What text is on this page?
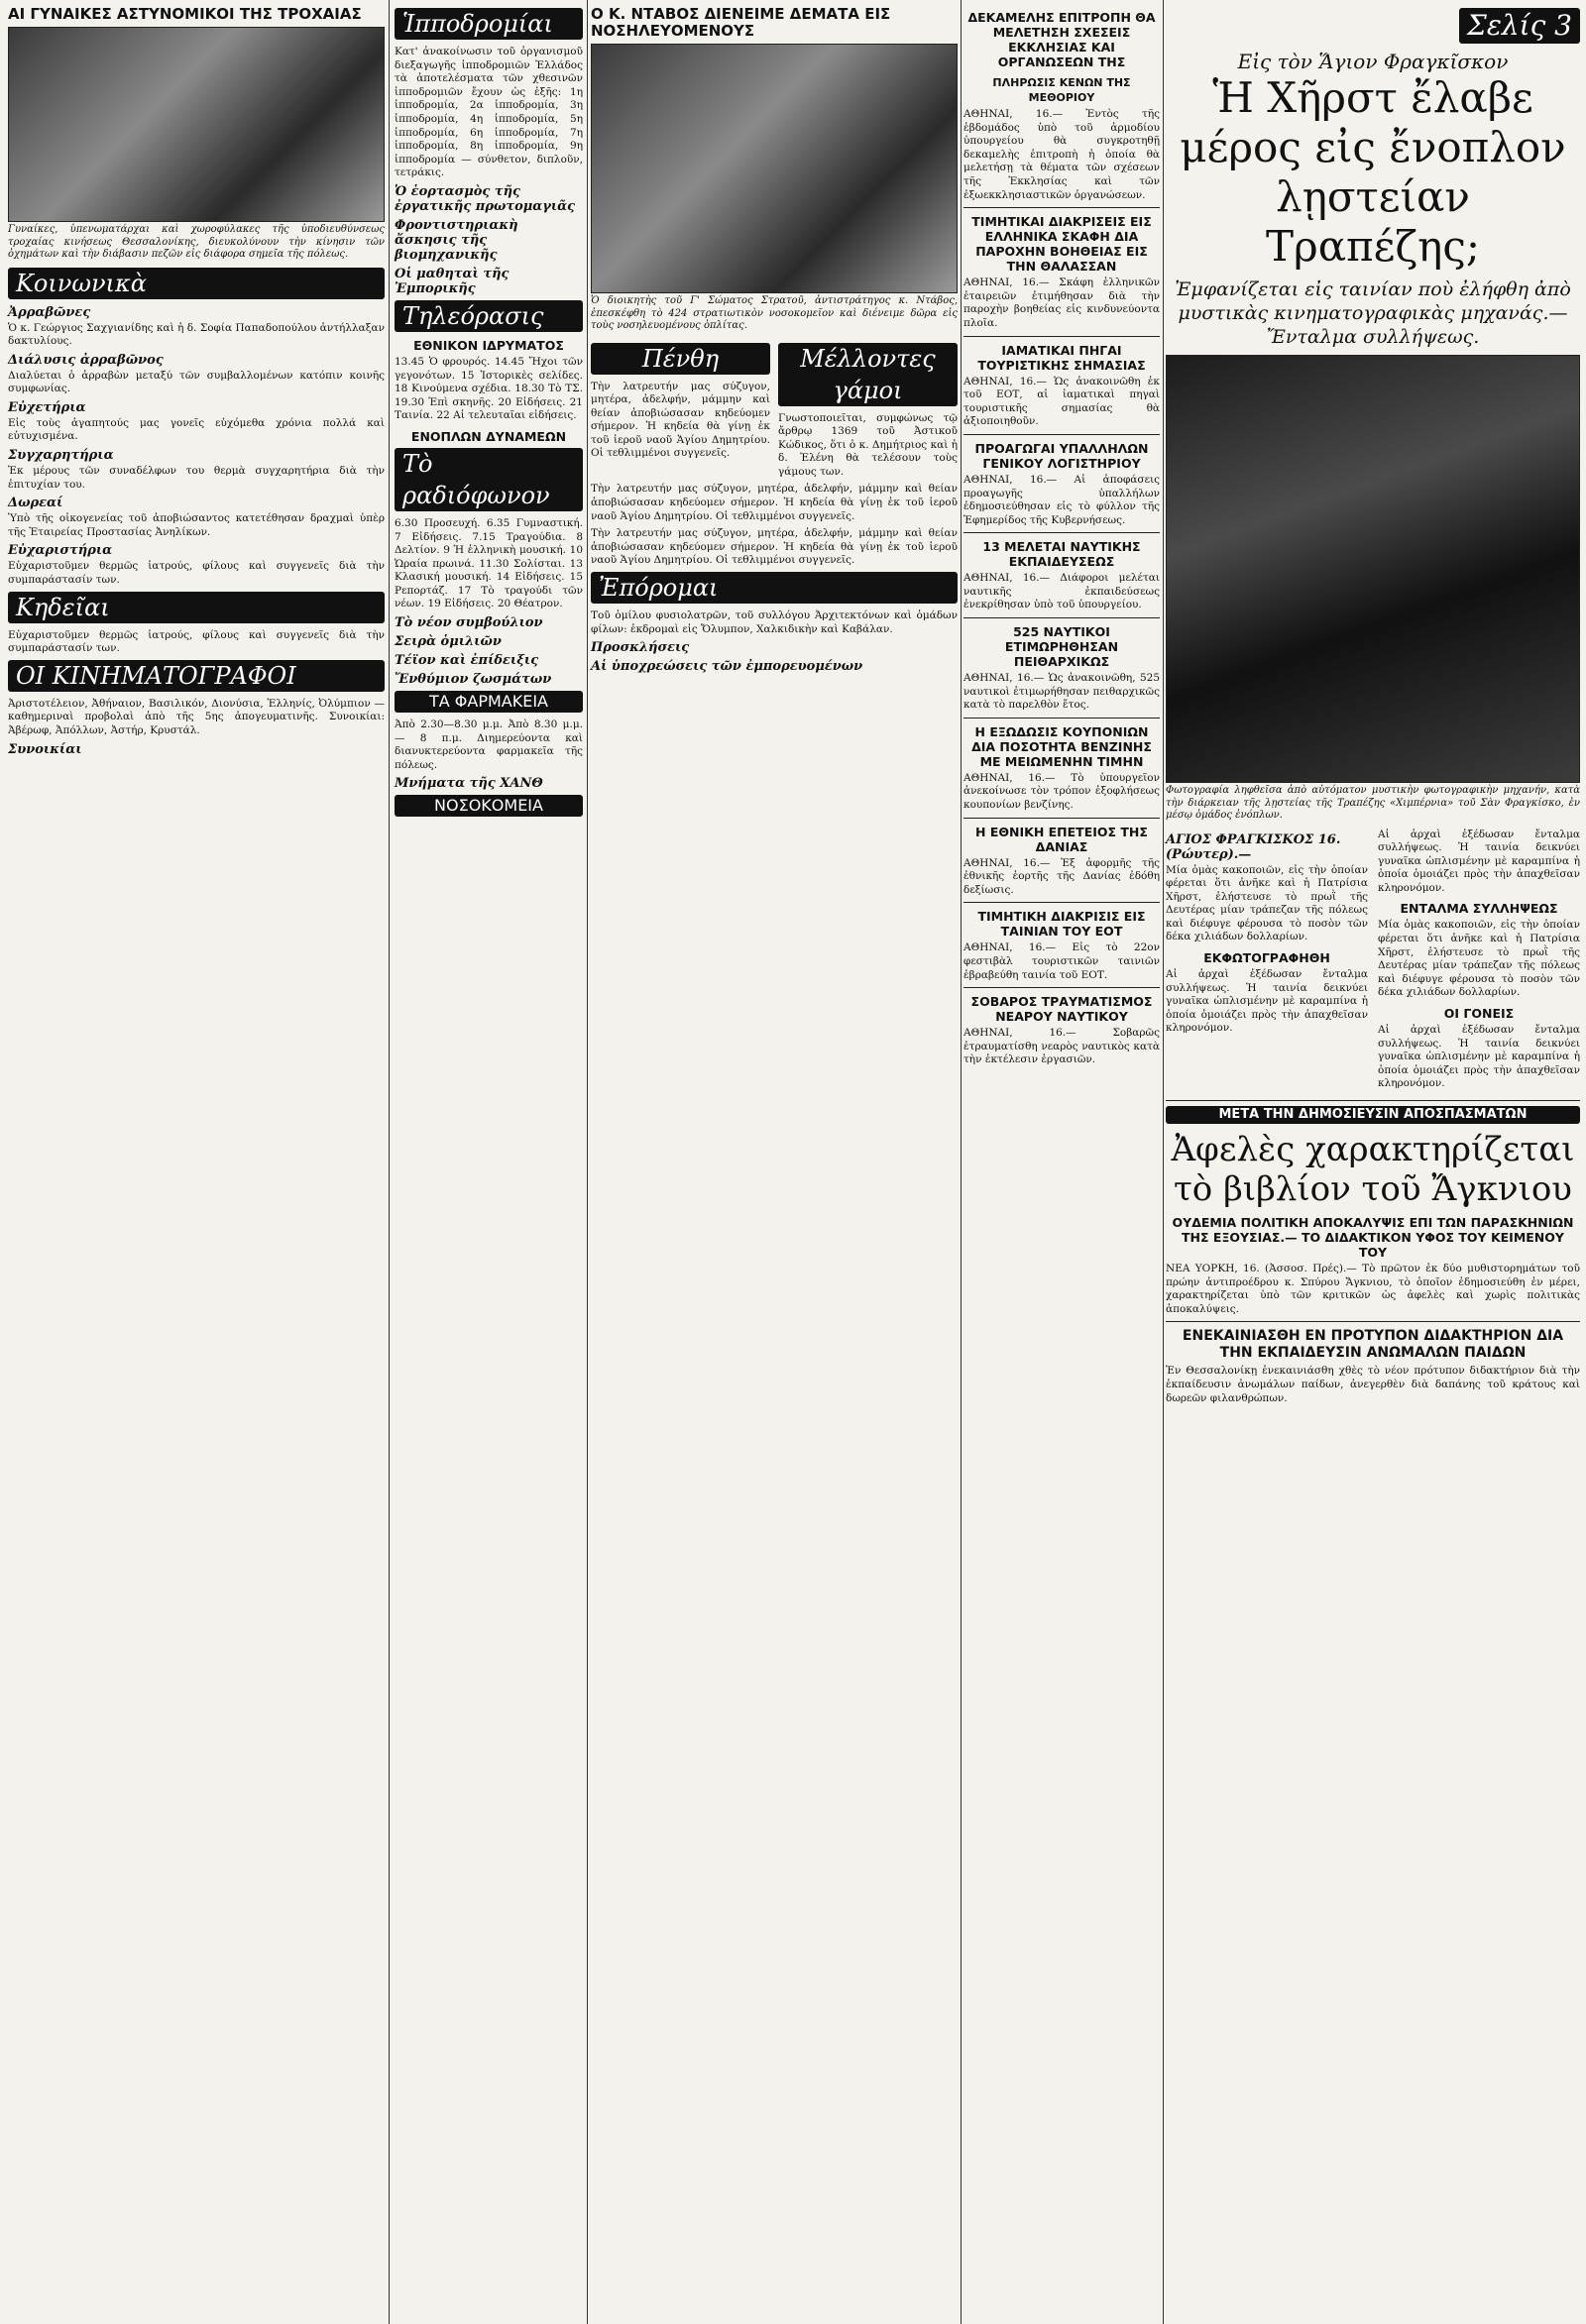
ΑΙ ΓΥΝΑΙΚΕΣ ΑΣΤΥΝΟΜΙΚΟΙ ΤΗΣ ΤΡΟΧΑΙΑΣ
Γυναίκες, ὑπενωματάρχαι καὶ χωροφύλακες τῆς ὑποδιευθύνσεως τροχαίας κινήσεως Θεσσαλονίκης, διευκολύνουν τὴν κίνησιν τῶν ὀχημάτων καὶ τὴν διάβασιν πεζῶν εἰς διάφορα σημεῖα τῆς πόλεως.
Κοινωνικὰ
Ἀρραβῶνες
Ὁ κ. Γεώργιος Σαχγιανίδης καὶ ἡ δ. Σοφία Παπαδοπούλου ἀντήλλαξαν δακτυλίους.
Διάλυσις ἀρραβῶνος
Διαλύεται ὁ ἀρραβὼν μεταξύ τῶν συμβαλλομένων κατόπιν κοινῆς συμφωνίας.
Εὐχετήρια
Εἰς τοὺς ἀγαπητούς μας γονεῖς εὐχόμεθα χρόνια πολλά καὶ εὐτυχισμένα.
Συγχαρητήρια
Ἐκ μέρους τῶν συναδέλφων του θερμὰ συγχαρητήρια διὰ τὴν ἐπιτυχίαν του.
Δωρεαί
Ὑπὸ τῆς οἰκογενείας τοῦ ἀποβιώσαντος κατετέθησαν δραχμαὶ ὑπὲρ τῆς Ἑταιρείας Προστασίας Ἀνηλίκων.
Εὐχαριστήρια
Εὐχαριστοῦμεν θερμῶς ἰατρούς, φίλους καὶ συγγενεῖς διὰ τὴν συμπαράστασίν των.
Κηδεῖαι
Εὐχαριστοῦμεν θερμῶς ἰατρούς, φίλους καὶ συγγενεῖς διὰ τὴν συμπαράστασίν των.
ΟΙ ΚΙΝΗΜΑΤΟΓΡΑΦΟΙ
Ἀριστοτέλειον, Ἀθήναιον, Βασιλικόν, Διονύσια, Ἐλληνίς, Ὀλύμπιον — καθημεριναὶ προβολαὶ ἀπὸ τῆς 5ης ἀπογευματινῆς. Συνοικίαι: Ἀβέρωφ, Ἀπόλλων, Ἀστήρ, Κρυστάλ.
Συνοικίαι
Ἱπποδρομίαι
Κατ' ἀνακοίνωσιν τοῦ ὀργανισμοῦ διεξαγωγῆς ἱπποδρομιῶν Ἑλλάδος τὰ ἀποτελέσματα τῶν χθεσινῶν ἱπποδρομιῶν ἔχουν ὡς ἑξῆς: 1η ἱπποδρομία, 2α ἱπποδρομία, 3η ἱπποδρομία, 4η ἱπποδρομία, 5η ἱπποδρομία, 6η ἱπποδρομία, 7η ἱπποδρομία, 8η ἱπποδρομία, 9η ἱπποδρομία — σύνθετον, διπλοῦν, τετράκις.
Ὁ ἑορτασμὸς τῆς ἐργατικῆς πρωτομαγιᾶς
Φροντιστηριακὴ ἄσκησις τῆς βιομηχανικῆς
Οἱ μαθηταὶ τῆς Ἐμπορικῆς
Τηλεόρασις
ΕΘΝΙΚΟΝ ΙΔΡΥΜΑΤΟΣ
13.45 Ὁ φρουρός. 14.45 Ἤχοι τῶν γεγονότων. 15 Ἰστορικὲς σελίδες. 18 Κινούμενα σχέδια. 18.30 Τὸ ΤΣ. 19.30 Ἐπὶ σκηνῆς. 20 Εἰδήσεις. 21 Ταινία. 22 Αἱ τελευταῖαι εἰδήσεις.
ΕΝΟΠΛΩΝ ΔΥΝΑΜΕΩΝ
Τὸ ραδιόφωνον
6.30 Προσευχή. 6.35 Γυμναστική. 7 Εἰδήσεις. 7.15 Τραγούδια. 8 Δελτίον. 9 Ἡ ἑλληνικὴ μουσική. 10 Ὡραία πρωινά. 11.30 Σολίσται. 13 Κλασική μουσική. 14 Εἰδήσεις. 15 Ρεπορτάζ. 17 Τὸ τραγούδι τῶν νέων. 19 Εἰδήσεις. 20 Θέατρον.
Τὸ νέον συμβούλιον
Σειρὰ ὁμιλιῶν
Τέϊον καὶ ἐπίδειξις
Ἔνθύμιον ζωσμάτων
ΤΑ ΦΑΡΜΑΚΕΙΑ
Ἀπὸ 2.30—8.30 μ.μ. Ἀπὸ 8.30 μ.μ.— 8 π.μ. Διημερεύοντα καὶ διανυκτερεύοντα φαρμακεῖα τῆς πόλεως.
Μνήματα τῆς ΧΑΝΘ
ΝΟΣΟΚΟΜΕΙΑ
Ο Κ. ΝΤΑΒΟΣ ΔΙΕΝΕΙΜΕ ΔΕΜΑΤΑ ΕΙΣ ΝΟΣΗΛΕΥΟΜΕΝΟΥΣ
Ὁ διοικητὴς τοῦ Γ' Σώματος Στρατοῦ, ἀντιστράτηγος κ. Ντάβος, ἐπεσκέφθη τὸ 424 στρατιωτικὸν νοσοκομεῖον καὶ διένειμε δῶρα εἰς τοὺς νοσηλευομένους ὁπλίτας.
Πένθη
Τὴν λατρευτήν μας σύζυγον, μητέρα, ἀδελφήν, μάμμην καὶ θείαν ἀποβιώσασαν κηδεύομεν σήμερον. Ἡ κηδεία θὰ γίνῃ ἐκ τοῦ ἱεροῦ ναοῦ Ἁγίου Δημητρίου. Οἱ τεθλιμμένοι συγγενεῖς.
Μέλλοντες γάμοι
Γνωστοποιεῖται, συμφώνως τῷ ἄρθρῳ 1369 τοῦ Ἀστικοῦ Κώδικος, ὅτι ὁ κ. Δημήτριος καὶ ἡ δ. Ἑλένη θὰ τελέσουν τοὺς γάμους των.
Τὴν λατρευτήν μας σύζυγον, μητέρα, ἀδελφήν, μάμμην καὶ θείαν ἀποβιώσασαν κηδεύομεν σήμερον. Ἡ κηδεία θὰ γίνῃ ἐκ τοῦ ἱεροῦ ναοῦ Ἁγίου Δημητρίου. Οἱ τεθλιμμένοι συγγενεῖς.
Τὴν λατρευτήν μας σύζυγον, μητέρα, ἀδελφήν, μάμμην καὶ θείαν ἀποβιώσασαν κηδεύομεν σήμερον. Ἡ κηδεία θὰ γίνῃ ἐκ τοῦ ἱεροῦ ναοῦ Ἁγίου Δημητρίου. Οἱ τεθλιμμένοι συγγενεῖς.
Ἐπόρομαι
Τοῦ ὁμίλου φυσιολατρῶν, τοῦ συλλόγου Ἀρχιτεκτόνων καὶ ὁμάδων φίλων: ἐκδρομαὶ εἰς Ὄλυμπον, Χαλκιδικὴν καὶ Καβάλαν.
Προσκλήσεις
Αἱ ὑποχρεώσεις τῶν ἐμπορευομένων
ΔΕΚΑΜΕΛΗΣ ΕΠΙΤΡΟΠΗ ΘΑ ΜΕΛΕΤΗΣΗ ΣΧΕΣΕΙΣ ΕΚΚΛΗΣΙΑΣ ΚΑΙ ΟΡΓΑΝΩΣΕΩΝ ΤΗΣ
ΠΛΗΡΩΣΙΣ ΚΕΝΩΝ ΤΗΣ ΜΕΘΟΡΙΟΥ
ΑΘΗΝΑΙ, 16.— Ἐντὸς τῆς ἑβδομάδος ὑπὸ τοῦ ἀρμοδίου ὑπουργείου θὰ συγκροτηθῇ δεκαμελὴς ἐπιτροπὴ ἡ ὁποία θὰ μελετήσῃ τὰ θέματα τῶν σχέσεων τῆς Ἐκκλησίας καὶ τῶν ἐξωεκκλησιαστικῶν ὀργανώσεων.
ΤΙΜΗΤΙΚΑΙ ΔΙΑΚΡΙΣΕΙΣ ΕΙΣ ΕΛΛΗΝΙΚΑ ΣΚΑΦΗ ΔΙΑ ΠΑΡΟΧΗΝ ΒΟΗΘΕΙΑΣ ΕΙΣ ΤΗΝ ΘΑΛΑΣΣΑΝ
ΑΘΗΝΑΙ, 16.— Σκάφη ἑλληνικῶν ἑταιρειῶν ἐτιμήθησαν διὰ τὴν παροχὴν βοηθείας εἰς κινδυνεύοντα πλοῖα.
ΙΑΜΑΤΙΚΑΙ ΠΗΓΑΙ ΤΟΥΡΙΣΤΙΚΗΣ ΣΗΜΑΣΙΑΣ
ΑΘΗΝΑΙ, 16.— Ὡς ἀνακοινῶθη ἐκ τοῦ ΕΟΤ, αἱ ἰαματικαὶ πηγαὶ τουριστικῆς σημασίας θὰ ἀξιοποιηθοῦν.
ΠΡΟΑΓΩΓΑΙ ΥΠΑΛΛΗΛΩΝ ΓΕΝΙΚΟΥ ΛΟΓΙΣΤΗΡΙΟΥ
ΑΘΗΝΑΙ, 16.— Αἱ ἀποφάσεις προαγωγῆς ὑπαλλήλων ἐδημοσιεύθησαν εἰς τὸ φύλλον τῆς Ἐφημερίδος τῆς Κυβερνήσεως.
13 ΜΕΛΕΤΑΙ ΝΑΥΤΙΚΗΣ ΕΚΠΑΙΔΕΥΣΕΩΣ
ΑΘΗΝΑΙ, 16.— Διάφοροι μελέται ναυτικῆς ἐκπαιδεύσεως ἐνεκρίθησαν ὑπὸ τοῦ ὑπουργείου.
525 ΝΑΥΤΙΚΟΙ ΕΤΙΜΩΡΗΘΗΣΑΝ ΠΕΙΘΑΡΧΙΚΩΣ
ΑΘΗΝΑΙ, 16.— Ὡς ἀνακοινῶθη, 525 ναυτικοὶ ἐτιμωρήθησαν πειθαρχικῶς κατὰ τὸ παρελθὸν ἔτος.
Η ΕΞΩΔΩΣΙΣ ΚΟΥΠΟΝΙΩΝ ΔΙΑ ΠΟΣΟΤΗΤΑ ΒΕΝΖΙΝΗΣ ΜΕ ΜΕΙΩΜΕΝΗΝ ΤΙΜΗΝ
ΑΘΗΝΑΙ, 16.— Τὸ ὑπουργεῖον ἀνεκοίνωσε τὸν τρόπον ἐξοφλήσεως κουπονίων βενζίνης.
Η ΕΘΝΙΚΗ ΕΠΕΤΕΙΟΣ ΤΗΣ ΔΑΝΙΑΣ
ΑΘΗΝΑΙ, 16.— Ἐξ ἀφορμῆς τῆς ἐθνικῆς ἑορτῆς τῆς Δανίας ἐδόθη δεξίωσις.
ΤΙΜΗΤΙΚΗ ΔΙΑΚΡΙΣΙΣ ΕΙΣ ΤΑΙΝΙΑΝ ΤΟΥ ΕΟΤ
ΑΘΗΝΑΙ, 16.— Εἰς τὸ 22ον φεστιβὰλ τουριστικῶν ταινιῶν ἐβραβεύθη ταινία τοῦ ΕΟΤ.
ΣΟΒΑΡΟΣ ΤΡΑΥΜΑΤΙΣΜΟΣ ΝΕΑΡΟΥ ΝΑΥΤΙΚΟΥ
ΑΘΗΝΑΙ, 16.— Σοβαρῶς ἐτραυματίσθη νεαρὸς ναυτικὸς κατὰ τὴν ἐκτέλεσιν ἐργασιῶν.
Σελίς 3
Εἰς τὸν Ἅγιον Φραγκῖσκον
Ἡ Χῆρστ ἔλαβε μέρος εἰς ἔνοπλον λῃστείαν Τραπέζης;
Ἐμφανίζεται εἰς ταινίαν ποὺ ἐλήφθη ἀπὸ μυστικὰς κινηματογραφικὰς μηχανάς.— Ἔνταλμα συλλήψεως.
Φωτογραφία ληφθεῖσα ἀπὸ αὐτόματον μυστικὴν φωτογραφικὴν μηχανήν, κατὰ τὴν διάρκειαν τῆς λῃστείας τῆς Τραπέζης «Χιμπέρνια» τοῦ Σὰν Φραγκίσκο, ἐν μέσῳ ὁμάδος ἐνόπλων.
ΑΓΙΟΣ ΦΡΑΓΚΙΣΚΟΣ 16. (Ρώυτερ).—
Μία ὁμὰς κακοποιῶν, εἰς τὴν ὁποίαν φέρεται ὅτι ἀνῆκε καὶ ἡ Πατρίσια Χῆρστ, ἐλήστευσε τὸ πρωῒ τῆς Δευτέρας μίαν τράπεζαν τῆς πόλεως καὶ διέφυγε φέρουσα τὸ ποσὸν τῶν δέκα χιλιάδων δολλαρίων.
ΕΚΦΩΤΟΓΡΑΦΗΘΗ
Αἱ ἀρχαὶ ἐξέδωσαν ἔνταλμα συλλήψεως. Ἡ ταινία δεικνύει γυναῖκα ὡπλισμένην μὲ καραμπίνα ἡ ὁποία ὁμοιάζει πρὸς τὴν ἀπαχθεῖσαν κληρονόμον.
Αἱ ἀρχαὶ ἐξέδωσαν ἔνταλμα συλλήψεως. Ἡ ταινία δεικνύει γυναῖκα ὡπλισμένην μὲ καραμπίνα ἡ ὁποία ὁμοιάζει πρὸς τὴν ἀπαχθεῖσαν κληρονόμον.
ΕΝΤΑΛΜΑ ΣΥΛΛΗΨΕΩΣ
Μία ὁμὰς κακοποιῶν, εἰς τὴν ὁποίαν φέρεται ὅτι ἀνῆκε καὶ ἡ Πατρίσια Χῆρστ, ἐλήστευσε τὸ πρωῒ τῆς Δευτέρας μίαν τράπεζαν τῆς πόλεως καὶ διέφυγε φέρουσα τὸ ποσὸν τῶν δέκα χιλιάδων δολλαρίων.
ΟΙ ΓΟΝΕΙΣ
Αἱ ἀρχαὶ ἐξέδωσαν ἔνταλμα συλλήψεως. Ἡ ταινία δεικνύει γυναῖκα ὡπλισμένην μὲ καραμπίνα ἡ ὁποία ὁμοιάζει πρὸς τὴν ἀπαχθεῖσαν κληρονόμον.
ΜΕΤΑ ΤΗΝ ΔΗΜΟΣΙΕΥΣΙΝ ΑΠΟΣΠΑΣΜΑΤΩΝ
Ἀφελὲς χαρακτηρίζεται τὸ βιβλίον τοῦ Ἄγκνιου
ΟΥΔΕΜΙΑ ΠΟΛΙΤΙΚΗ ΑΠΟΚΑΛΥΨΙΣ ΕΠΙ ΤΩΝ ΠΑΡΑΣΚΗΝΙΩΝ ΤΗΣ ΕΞΟΥΣΙΑΣ.— ΤΟ ΔΙΔΑΚΤΙΚΟΝ ΥΦΟΣ ΤΟΥ ΚΕΙΜΕΝΟΥ ΤΟΥ
ΝΕΑ ΥΟΡΚΗ, 16. (Ἀσσοσ. Πρές).— Τὸ πρῶτον ἐκ δύο μυθιστορημάτων τοῦ πρώην ἀντιπροέδρου κ. Σπύρου Ἄγκνιου, τὸ ὁποῖον ἐδημοσιεύθη ἐν μέρει, χαρακτηρίζεται ὑπὸ τῶν κριτικῶν ὡς ἀφελὲς καὶ χωρὶς πολιτικὰς ἀποκαλύψεις.
ΕΝΕΚΑΙΝΙΑΣΘΗ ΕΝ ΠΡΟΤΥΠΟΝ ΔΙΔΑΚΤΗΡΙΟΝ ΔΙΑ ΤΗΝ ΕΚΠΑΙΔΕΥΣΙΝ ΑΝΩΜΑΛΩΝ ΠΑΙΔΩΝ
Ἐν Θεσσαλονίκῃ ἐνεκαινιάσθη χθὲς τὸ νέον πρότυπον διδακτήριον διὰ τὴν ἐκπαίδευσιν ἀνωμάλων παίδων, ἀνεγερθὲν διὰ δαπάνης τοῦ κράτους καὶ δωρεῶν φιλανθρώπων.
